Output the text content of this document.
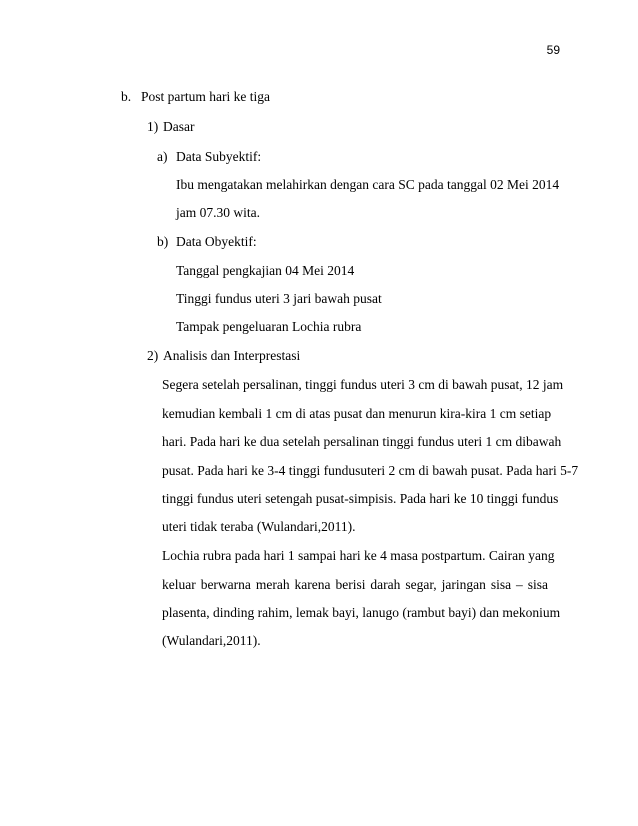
59
b. Post partum hari ke tiga
1) Dasar
a) Data Subyektif:
Ibu mengatakan melahirkan dengan cara SC pada tanggal 02 Mei 2014
jam 07.30 wita.
b) Data Obyektif:
Tanggal pengkajian 04 Mei 2014
Tinggi fundus uteri 3 jari bawah pusat
Tampak pengeluaran Lochia rubra
2) Analisis dan Interprestasi
Segera setelah persalinan, tinggi fundus uteri 3 cm di bawah pusat, 12 jam
kemudian kembali 1 cm di atas pusat dan menurun kira-kira 1 cm setiap
hari. Pada hari ke dua setelah persalinan tinggi fundus uteri 1 cm dibawah
pusat. Pada hari ke 3-4 tinggi fundusuteri 2 cm di bawah pusat. Pada hari 5-7
tinggi fundus uteri setengah pusat-simpisis. Pada hari ke 10 tinggi fundus
uteri tidak teraba (Wulandari,2011).
Lochia rubra pada hari 1 sampai hari ke 4 masa postpartum. Cairan yang
keluar berwarna merah karena berisi darah segar, jaringan sisa – sisa
plasenta, dinding rahim, lemak bayi, lanugo (rambut bayi) dan mekonium
(Wulandari,2011).
